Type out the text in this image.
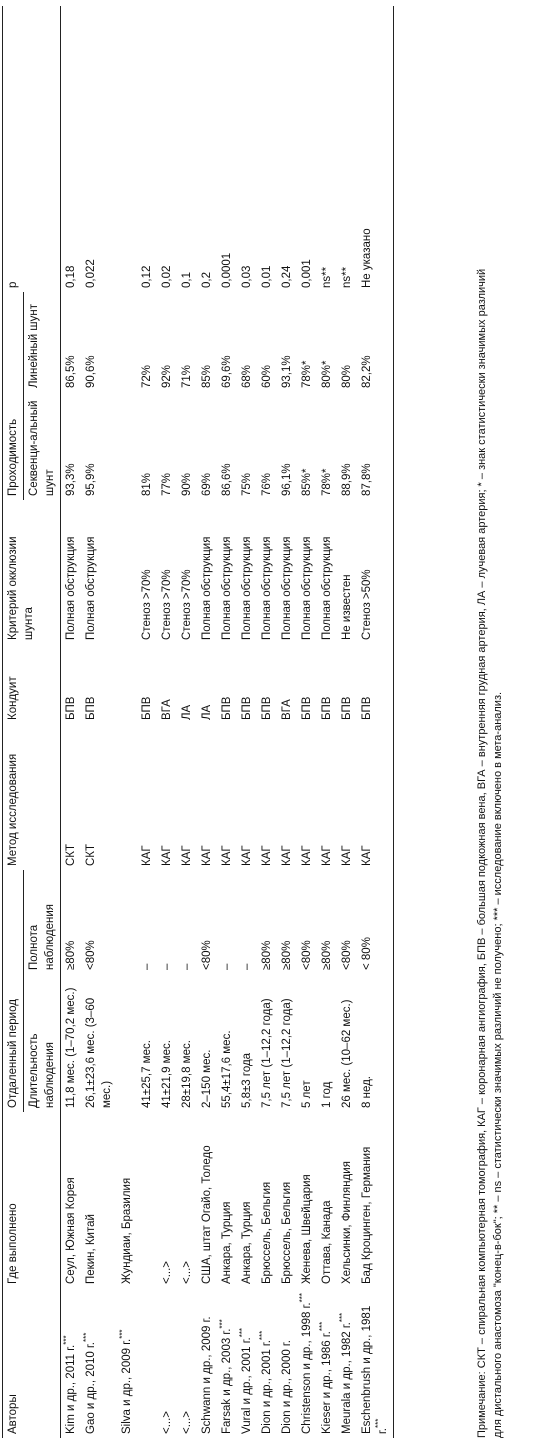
Авторы	Где выполнено	Отдаленный период		Метод исследования	Кондуит	Критерий окклюзии шунта	Проходимость		p
		Длительность наблюдения	Полнота наблюдения				Секвенци-альный шунт	Линейный шунт	
Kim и др., 2011 г.***	Сеул, Южная Корея	11,8 мес. (1–70,2 мес.)	≥80%	СКТ	БПВ	Полная обструкция	93,3%	86,5%	0,18
Gao и др., 2010 г.***	Пекин, Китай	26,1±23,6 мес. (3–60 мес.)	<80%	СКТ	БПВ	Полная обструкция	95,9%	90,6%	0,022
Silva и др., 2009 г.***	Жундиаи, Бразилия								
		41±25,7 мес.	–	КАГ	БПВ	Стеноз >70%	81%	72%	0,12
<...>	<...>	41±21,9 мес.	–	КАГ	ВГА	Стеноз >70%	77%	92%	0,02
<...>	<...>	28±19,8 мес.	–	КАГ	ЛА	Стеноз >70%	90%	71%	0,1
Schwann и др., 2009 г.	США, штат Огайо, Толедо	2–150 мес.	<80%	КАГ	ЛА	Полная обструкция	69%	85%	0,2
Farsak и др., 2003 г.***	Анкара, Турция	55,4±17,6 мес.	–	КАГ	БПВ	Полная обструкция	86,6%	69,6%	0,0001
Vural и др., 2001 г.***	Анкара, Турция	5,8±3 года	–	КАГ	БПВ	Полная обструкция	75%	68%	0,03
Dion и др., 2001 г.***	Брюссель, Бельгия	7,5 лет (1–12,2 года)	≥80%	КАГ	БПВ	Полная обструкция	76%	60%	0,01
Dion и др., 2000 г.	Брюссель, Бельгия	7,5 лет (1–12,2 года)	≥80%	КАГ	ВГА	Полная обструкция	96,1%	93,1%	0,24
Christenson и др., 1998 г.***	Женева, Швейцария	5 лет	<80%	КАГ	БПВ	Полная обструкция	85%*	78%*	0,001
Kieser и др., 1986 г.***	Оттава, Канада	1 год	≥80%	КАГ	БПВ	Полная обструкция	78%*	80%*	ns**
Meurala и др., 1982 г.***	Хельсинки, Финляндия	26 мес. (10–62 мес.)	<80%	КАГ	БПВ	Не известен	88,9%	80%	ns**
Eschenbrush и др., 1981 г.***	Бад Кроцинген, Германия	8 нед.	< 80%	КАГ	БПВ	Стеноз >50%	87,8%	82,2%	Не указано

Примечание: СКТ – спиральная компьютерная томография, КАГ – коронарная ангиография, БПВ – большая подкожная вена, ВГА – внутренняя грудная артерия, ЛА – лучевая артерия; * – знак статистически значимых различий для дистального анастомоза "конец-в-бок"; ** – ns – статистически значимых различий не получено; *** – исследование включено в мета-анализ.
